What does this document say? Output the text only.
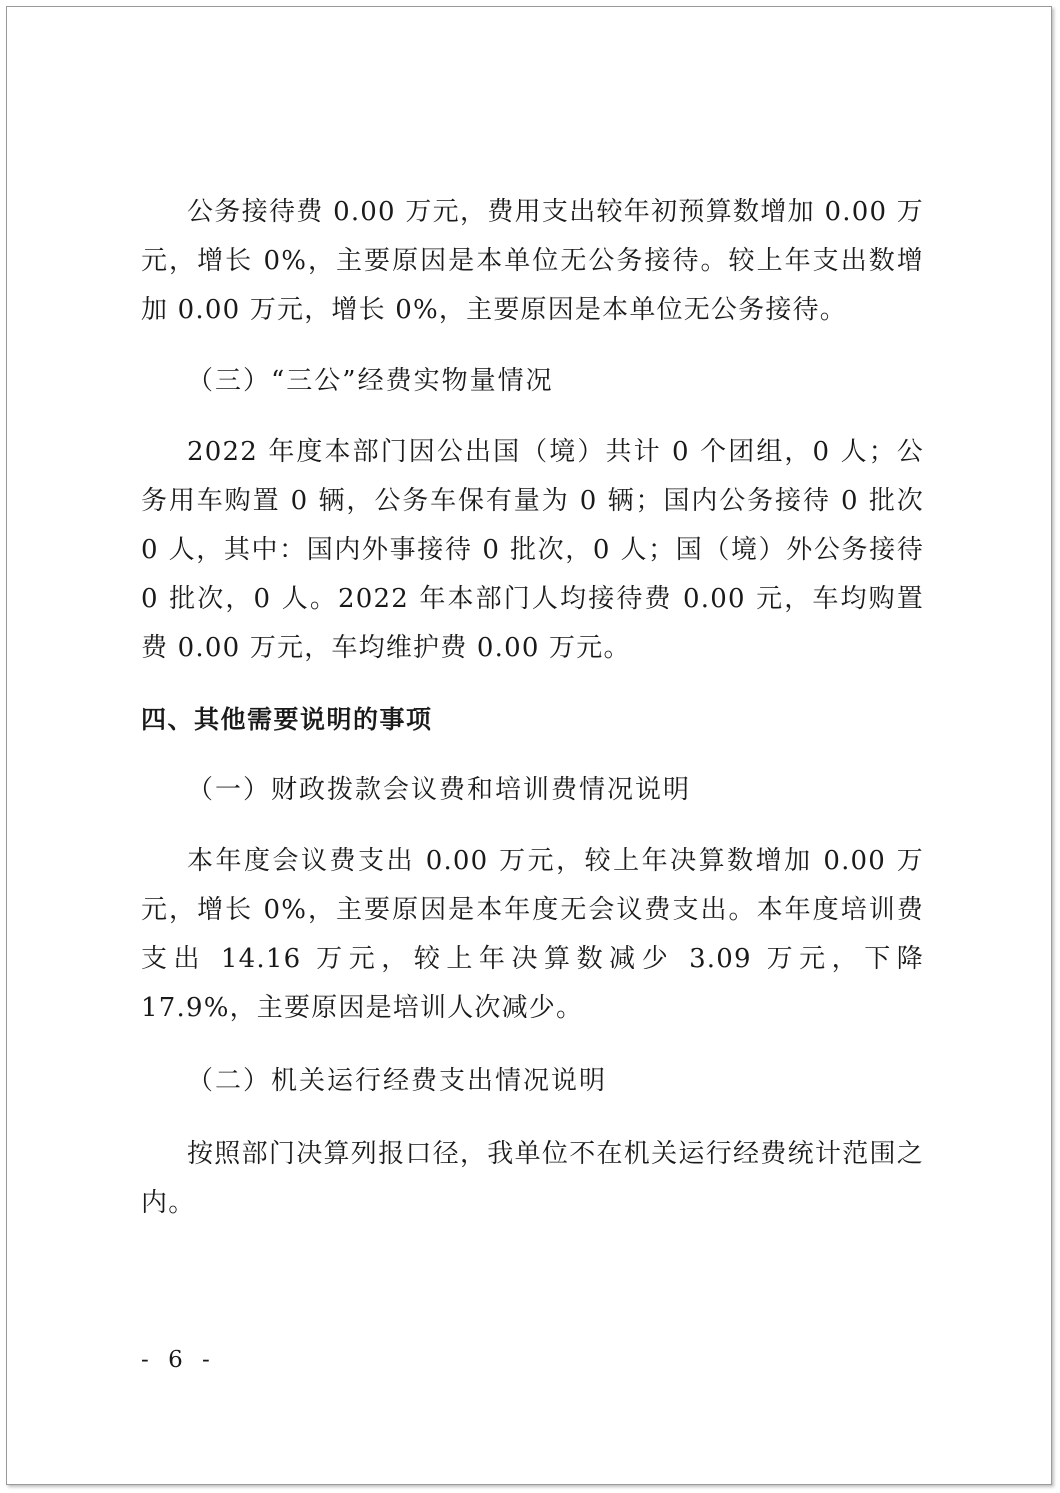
公务接待费 0.00 万元，费用支出较年初预算数增加 0.00 万元，增长 0%，主要原因是本单位无公务接待。较上年支出数增加 0.00 万元，增长 0%，主要原因是本单位无公务接待。

（三）“三公”经费实物量情况

2022 年度本部门因公出国（境）共计 0 个团组，0 人；公务用车购置 0 辆，公务车保有量为 0 辆；国内公务接待 0 批次 0 人，其中：国内外事接待 0 批次，0 人；国（境）外公务接待 0 批次，0 人。2022 年本部门人均接待费 0.00 元，车均购置费 0.00 万元，车均维护费 0.00 万元。

四、其他需要说明的事项

（一）财政拨款会议费和培训费情况说明

本年度会议费支出 0.00 万元，较上年决算数增加 0.00 万元，增长 0%，主要原因是本年度无会议费支出。本年度培训费支出 14.16 万元，较上年决算数减少 3.09 万元，下降 17.9%，主要原因是培训人次减少。

（二）机关运行经费支出情况说明

按照部门决算列报口径，我单位不在机关运行经费统计范围之内。

- 6 -
